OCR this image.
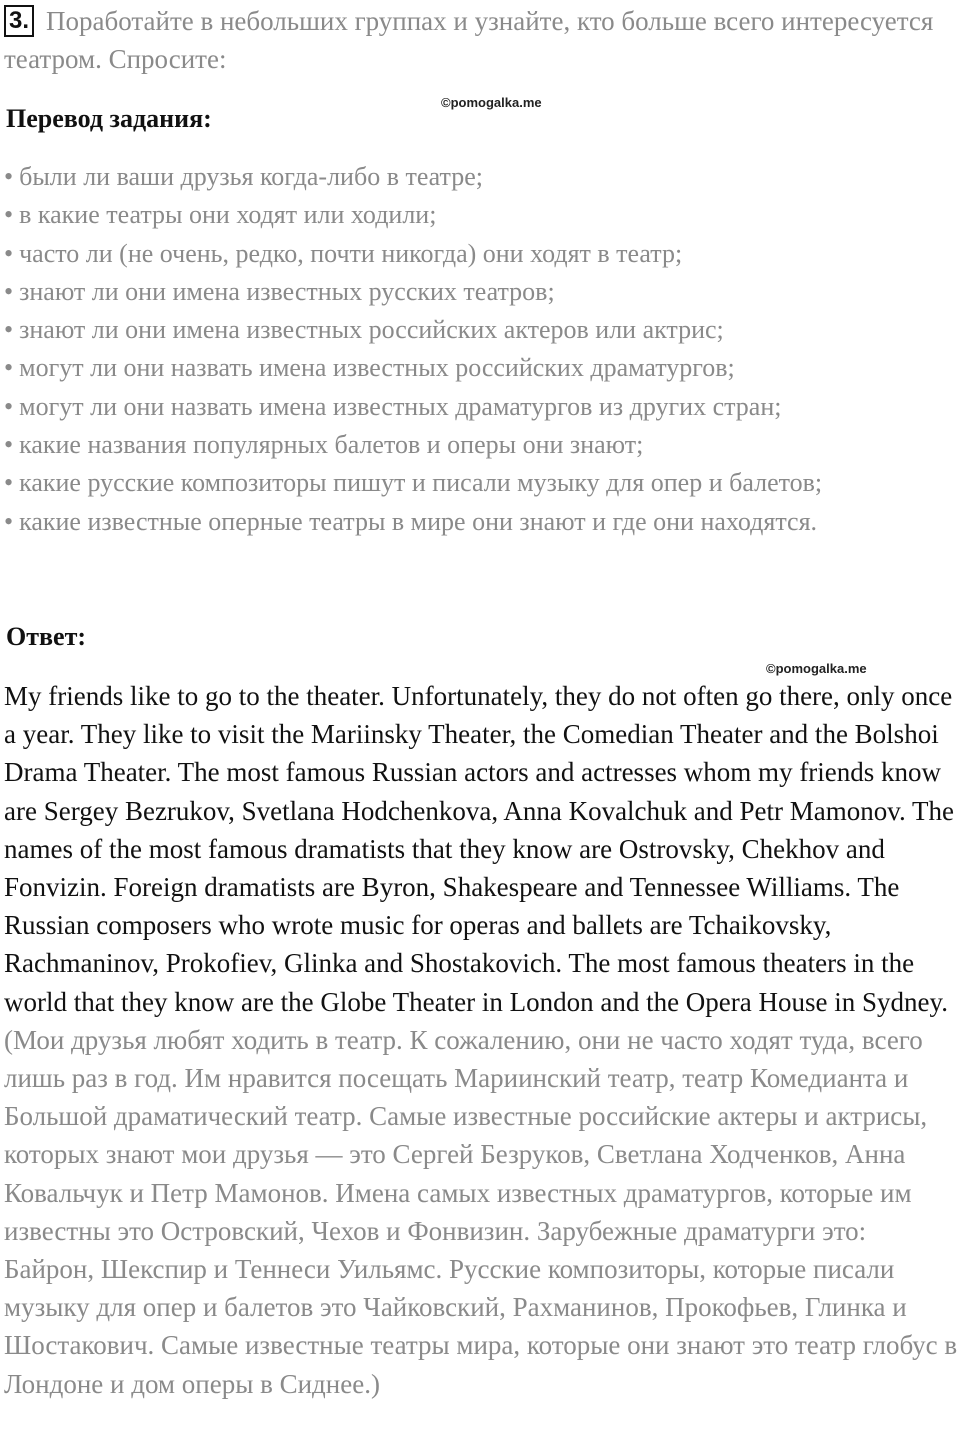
3. Поработайте в небольших группах и узнайте, кто больше всего интересуется театром. Спросите:

Перевод задания:
©pomogalka.me
• были ли ваши друзья когда-либо в театре;
• в какие театры они ходят или ходили;
• часто ли (не очень, редко, почти никогда) они ходят в театр;
• знают ли они имена известных русских театров;
• знают ли они имена известных российских актеров или актрис;
• могут ли они назвать имена известных российских драматургов;
• могут ли они назвать имена известных драматургов из других стран;
• какие названия популярных балетов и оперы они знают;
• какие русские композиторы пишут и писали музыку для опер и балетов;
• какие известные оперные театры в мире они знают и где они находятся.
Ответ:
©pomogalka.me

My friends like to go to the theater. Unfortunately, they do not often go there, only once a year. They like to visit the Mariinsky Theater, the Comedian Theater and the Bolshoi Drama Theater. The most famous Russian actors and actresses whom my friends know are Sergey Bezrukov, Svetlana Hodchenkova, Anna Kovalchuk and Petr Mamonov. The names of the most famous dramatists that they know are Ostrovsky, Chekhov and Fonvizin. Foreign dramatists are Byron, Shakespeare and Tennessee Williams. The Russian composers who wrote music for operas and ballets are Tchaikovsky, Rachmaninov, Prokofiev, Glinka and Shostakovich. The most famous theaters in the world that they know are the Globe Theater in London and the Opera House in Sydney. (Мои друзья любят ходить в театр. К сожалению, они не часто ходят туда, всего лишь раз в год. Им нравится посещать Мариинский театр, театр Комедианта и Большой драматический театр. Самые известные российские актеры и актрисы, которых знают мои друзья — это Сергей Безруков, Светлана Ходченков, Анна Ковальчук и Петр Мамонов. Имена самых известных драматургов, которые им известны это Островский, Чехов и Фонвизин. Зарубежные драматурги это: Байрон, Шекспир и Теннеси Уильямс. Русские композиторы, которые писали музыку для опер и балетов это Чайковский, Рахманинов, Прокофьев, Глинка и Шостакович. Самые известные театры мира, которые они знают это театр глобус в Лондоне и дом оперы в Сиднее.)
